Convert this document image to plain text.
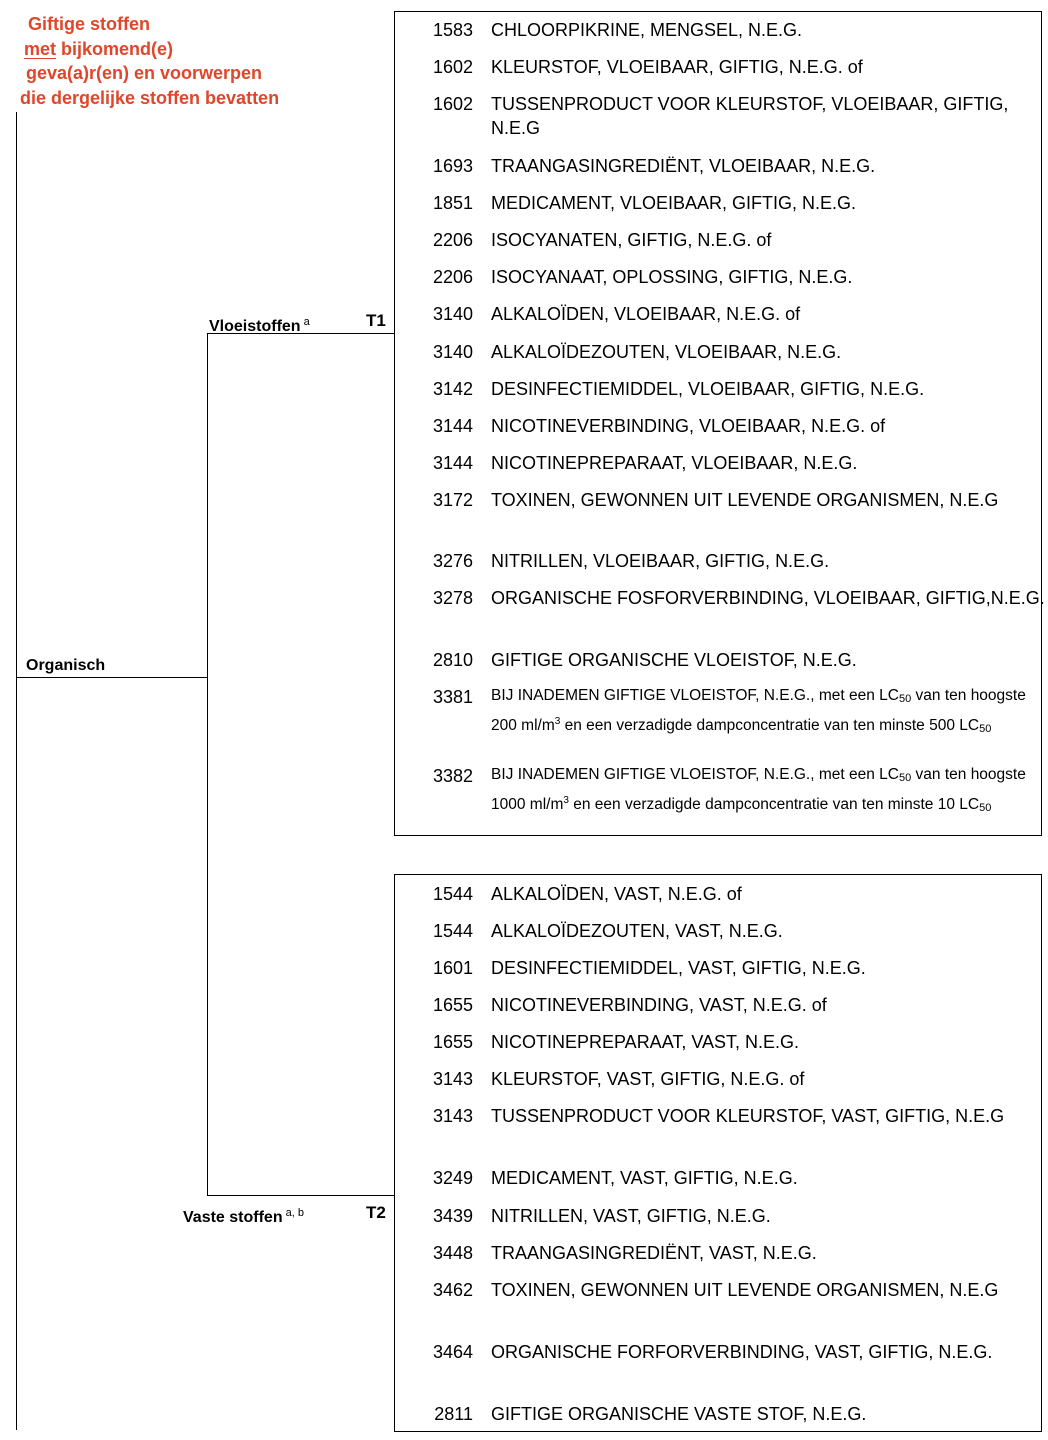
Giftige stoffen
met bijkomend(e)
geva(a)r(en) en voorwerpen
die dergelijke stoffen bevatten
Organisch
Vloeistoffen $^a$	T1
Vaste stoffen $^{a, b}$	T2
1583 CHLOORPIKRINE, MENGSEL, N.E.G.
1602 KLEURSTOF, VLOEIBAAR, GIFTIG, N.E.G. of
1602 TUSSENPRODUCT VOOR KLEURSTOF, VLOEIBAAR, GIFTIG, N.E.G
1693 TRAANGASINGREDIËNT, VLOEIBAAR, N.E.G.
1851 MEDICAMENT, VLOEIBAAR, GIFTIG, N.E.G.
2206 ISOCYANATEN, GIFTIG, N.E.G. of
2206 ISOCYANAAT, OPLOSSING, GIFTIG, N.E.G.
3140 ALKALOÏDEN, VLOEIBAAR, N.E.G. of
3140 ALKALOÏDEZOUTEN, VLOEIBAAR, N.E.G.
3142 DESINFECTIEMIDDEL, VLOEIBAAR, GIFTIG, N.E.G.
3144 NICOTINEVERBINDING, VLOEIBAAR, N.E.G. of
3144 NICOTINEPREPARAAT, VLOEIBAAR, N.E.G.
3172 TOXINEN, GEWONNEN UIT LEVENDE ORGANISMEN, N.E.G
3276 NITRILLEN, VLOEIBAAR, GIFTIG, N.E.G.
3278 ORGANISCHE FOSFORVERBINDING, VLOEIBAAR, GIFTIG,N.E.G.
2810 GIFTIGE ORGANISCHE VLOEISTOF, N.E.G.
3381 BIJ INADEMEN GIFTIGE VLOEISTOF, N.E.G., met een LC50 van ten hoogste 200 $ml/m^3$ en een verzadigde dampconcentratie van ten minste 500 LC50
3382 BIJ INADEMEN GIFTIGE VLOEISTOF, N.E.G., met een LC50 van ten hoogste 1000 $ml/m^3$ en een verzadigde dampconcentratie van ten minste 10 LC50
1544 ALKALOÏDEN, VAST, N.E.G. of
1544 ALKALOÏDEZOUTEN, VAST, N.E.G.
1601 DESINFECTIEMIDDEL, VAST, GIFTIG, N.E.G.
1655 NICOTINEVERBINDING, VAST, N.E.G. of
1655 NICOTINEPREPARAAT, VAST, N.E.G.
3143 KLEURSTOF, VAST, GIFTIG, N.E.G. of
3143 TUSSENPRODUCT VOOR KLEURSTOF, VAST, GIFTIG, N.E.G
3249 MEDICAMENT, VAST, GIFTIG, N.E.G.
3439 NITRILLEN, VAST, GIFTIG, N.E.G.
3448 TRAANGASINGREDIËNT, VAST, N.E.G.
3462 TOXINEN, GEWONNEN UIT LEVENDE ORGANISMEN, N.E.G
3464 ORGANISCHE FORFORVERBINDING, VAST, GIFTIG, N.E.G.
2811 GIFTIGE ORGANISCHE VASTE STOF, N.E.G.
